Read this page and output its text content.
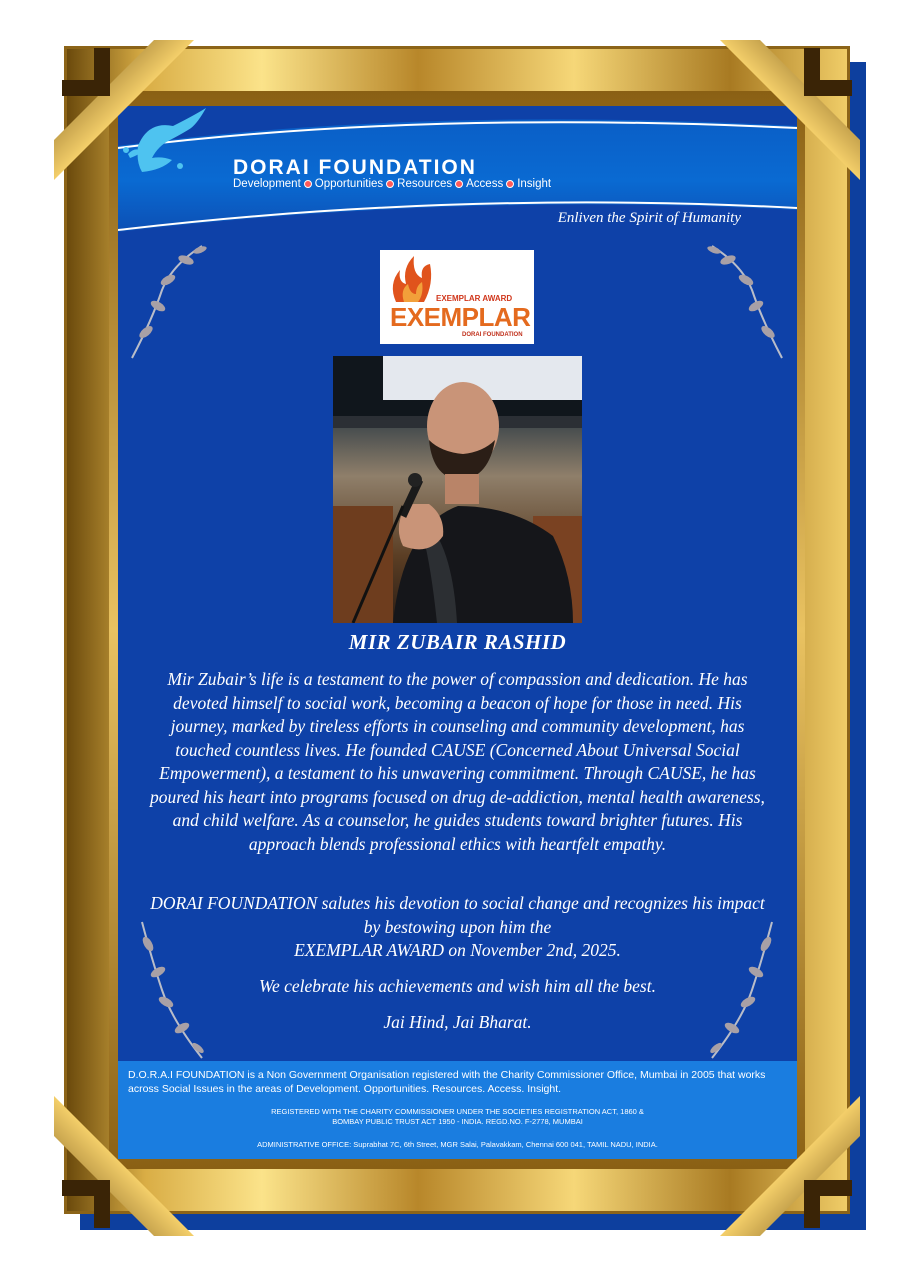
DORAI FOUNDATION
Development Opportunities Resources Access Insight
Enliven the Spirit of Humanity
EXEMPLAR AWARD
EXEMPLAR
DORAI FOUNDATION
MIR ZUBAIR RASHID

Mir Zubair’s life is a testament to the power of compassion and dedication. He has devoted himself to social work, becoming a beacon of hope for those in need. His journey, marked by tireless efforts in counseling and community development, has touched countless lives. He founded CAUSE (Concerned About Universal Social Empowerment), a testament to his unwavering commitment. Through CAUSE, he has poured his heart into programs focused on drug de-addiction, mental health awareness, and child welfare. As a counselor, he guides students toward brighter futures. His approach blends professional ethics with heartfelt empathy.

DORAI FOUNDATION salutes his devotion to social change and recognizes his impact by bestowing upon him the
EXEMPLAR AWARD on November 2nd, 2025.

We celebrate his achievements and wish him all the best.

Jai Hind, Jai Bharat.

D.O.R.A.I FOUNDATION is a Non Government Organisation registered with the Charity Commissioner Office, Mumbai in 2005 that works across Social Issues in the areas of Development. Opportunities. Resources. Access. Insight.

REGISTERED WITH THE CHARITY COMMISSIONER UNDER THE SOCIETIES REGISTRATION ACT, 1860 &
BOMBAY PUBLIC TRUST ACT 1950 - INDIA. REGD.NO. F-2778, MUMBAI

ADMINISTRATIVE OFFICE: Suprabhat 7C, 6th Street, MGR Salai, Palavakkam, Chennai 600 041, TAMIL NADU, INDIA.
